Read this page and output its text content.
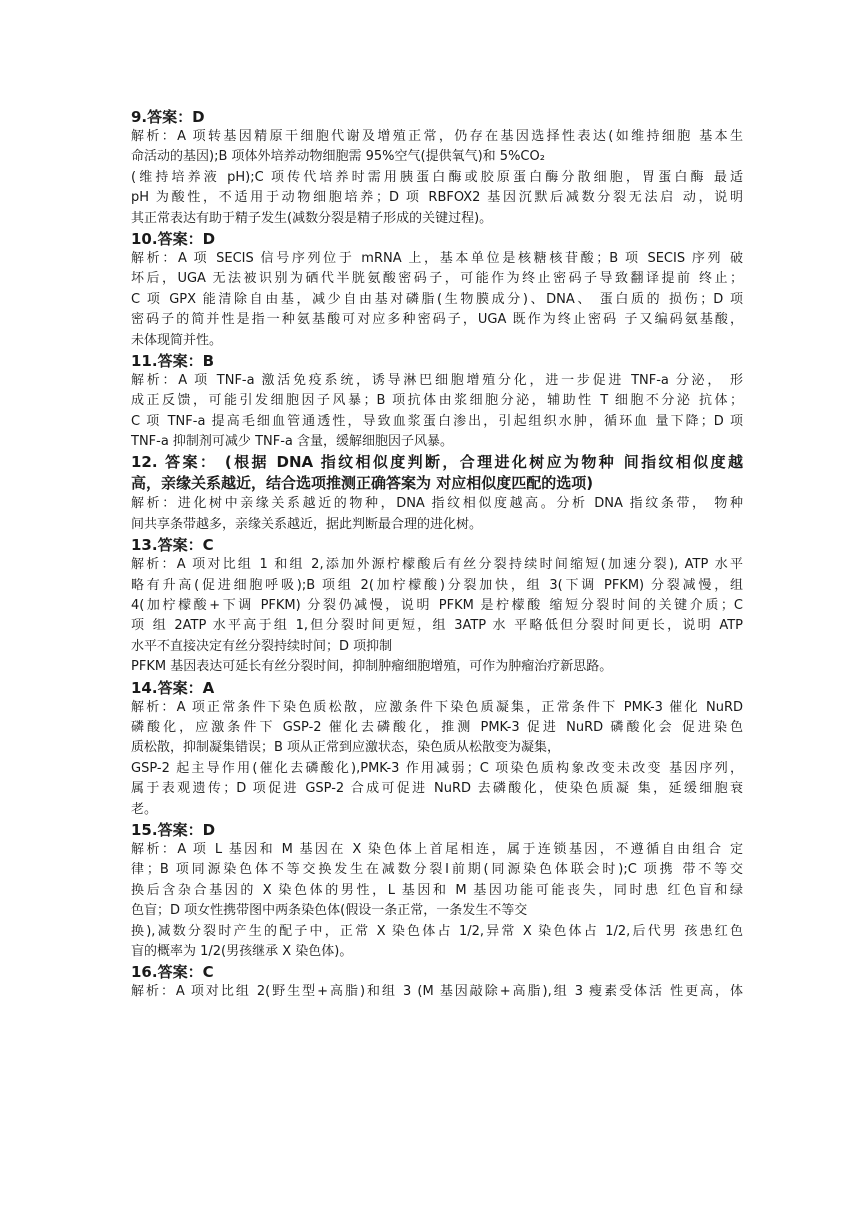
9.答案：D
解析：A 项转基因精原干细胞代谢及增殖正常，仍存在基因选择性表达(如维持细胞 基本生
命活动的基因);B 项体外培养动物细胞需 95%空气(提供氧气)和 5%CO₂
(维持培养液 pH);C 项传代培养时需用胰蛋白酶或胶原蛋白酶分散细胞，胃蛋白酶 最适
pH 为酸性，不适用于动物细胞培养；D 项 RBFOX2 基因沉默后减数分裂无法启 动，说明
其正常表达有助于精子发生(减数分裂是精子形成的关键过程)。
10.答案：D
解析：A 项 SECIS 信号序列位于 mRNA 上，基本单位是核糖核苷酸；B 项 SECIS 序列 破
坏后，UGA 无法被识别为硒代半胱氨酸密码子，可能作为终止密码子导致翻译提前 终止；
C 项 GPX 能清除自由基，减少自由基对磷脂(生物膜成分)、DNA、 蛋白质的 损伤；D 项
密码子的简并性是指一种氨基酸可对应多种密码子，UGA 既作为终止密码 子又编码氨基酸，
未体现简并性。
11.答案：B
解析：A 项 TNF-a 激活免疫系统，诱导淋巴细胞增殖分化，进一步促进 TNF-a 分泌， 形
成正反馈，可能引发细胞因子风暴；B 项抗体由浆细胞分泌，辅助性 T 细胞不分泌 抗体；
C 项 TNF-a 提高毛细血管通透性，导致血浆蛋白渗出，引起组织水肿，循环血 量下降；D 项
TNF-a 抑制剂可减少 TNF-a 含量，缓解细胞因子风暴。
12. 答案： (根据 DNA 指纹相似度判断，合理进化树应为物种 间指纹相似度越
高，亲缘关系越近，结合选项推测正确答案为 对应相似度匹配的选项)
解析：进化树中亲缘关系越近的物种，DNA 指纹相似度越高。分析 DNA 指纹条带， 物种
间共享条带越多，亲缘关系越近，据此判断最合理的进化树。
13.答案：C
解析：A 项对比组 1 和组 2,添加外源柠檬酸后有丝分裂持续时间缩短(加速分裂), ATP 水平
略有升高(促进细胞呼吸);B 项组 2(加柠檬酸)分裂加快，组 3(下调 PFKM) 分裂减慢，组
4(加柠檬酸+下调 PFKM) 分裂仍减慢，说明 PFKM 是柠檬酸 缩短分裂时间的关键介质；C
项 组 2ATP 水平高于组 1,但分裂时间更短，组 3ATP 水 平略低但分裂时间更长，说明 ATP
水平不直接决定有丝分裂持续时间；D 项抑制
PFKM 基因表达可延长有丝分裂时间，抑制肿瘤细胞增殖，可作为肿瘤治疗新思路。
14.答案：A
解析：A 项正常条件下染色质松散，应激条件下染色质凝集，正常条件下 PMK-3 催化 NuRD
磷酸化，应激条件下 GSP-2 催化去磷酸化，推测 PMK-3 促进 NuRD 磷酸化会 促进染色
质松散，抑制凝集错误；B 项从正常到应激状态，染色质从松散变为凝集，
GSP-2 起主导作用(催化去磷酸化),PMK-3 作用减弱；C 项染色质构象改变未改变 基因序列，
属于表观遗传；D 项促进 GSP-2 合成可促进 NuRD 去磷酸化，使染色质凝 集，延缓细胞衰
老。
15.答案：D
解析：A 项 L 基因和 M 基因在 X 染色体上首尾相连，属于连锁基因，不遵循自由组合 定
律；B 项同源染色体不等交换发生在减数分裂Ⅰ前期(同源染色体联会时);C 项携 带不等交
换后含杂合基因的 X 染色体的男性，L 基因和 M 基因功能可能丧失，同时患 红色盲和绿
色盲；D 项女性携带图中两条染色体(假设一条正常，一条发生不等交
换),减数分裂时产生的配子中，正常 X 染色体占 1/2,异常 X 染色体占 1/2,后代男 孩患红色
盲的概率为 1/2(男孩继承 X 染色体)。
16.答案：C
解析：A 项对比组 2(野生型+高脂)和组 3 (M 基因敲除+高脂),组 3 瘦素受体活 性更高，体
